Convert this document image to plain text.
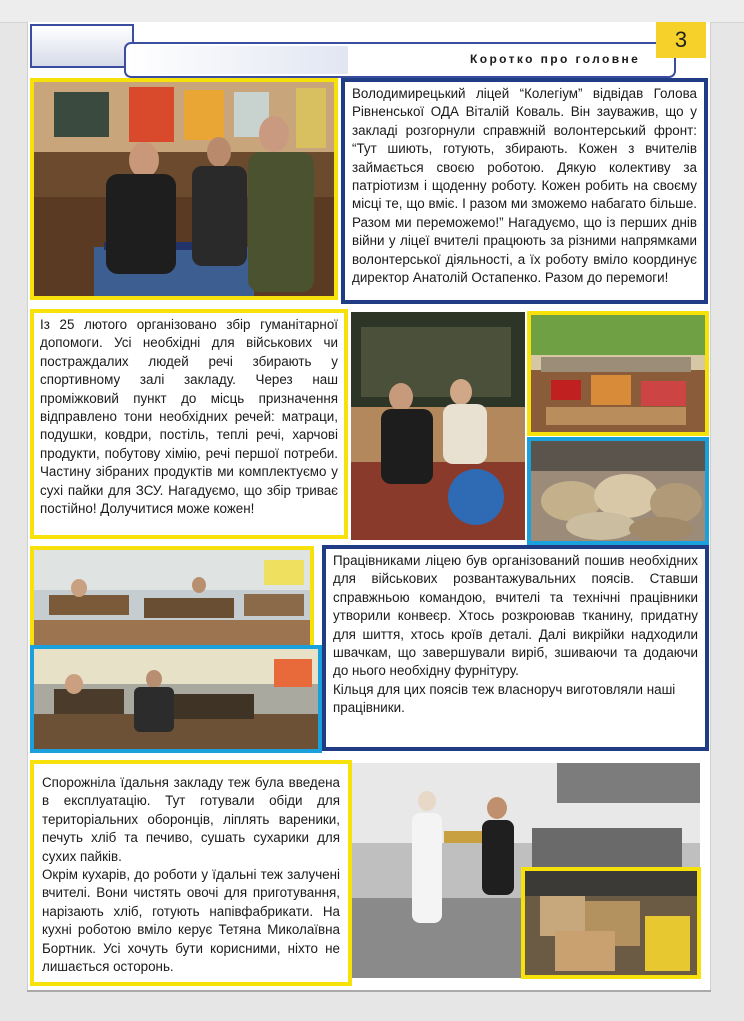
Коротко про головне
3

Володимирецький ліцей “Колегіум” відвідав Голова Рівненської ОДА Віталій Коваль. Він зауважив, що у закладі розгорнули справжній волонтерський фронт: “Тут шиють, готують, збирають. Кожен з вчителів займається своєю роботою. Дякую колективу за патріотизм і щоденну роботу. Кожен робить на своєму місці те, що вміє. І разом ми зможемо набагато більше. Разом ми переможемо!” Нагадуємо, що із перших днів війни у ліцеї вчителі працюють за різними напрямками волонтерської діяльності, а їх роботу вміло координує директор Анатолій Остапенко. Разом до перемоги!

Із 25 лютого організовано збір гуманітарної допомоги. Усі необхідні для військових чи постраждалих людей речі збирають у спортивному залі закладу. Через наш проміжковий пункт до місць призначення відправлено тони необхідних речей: матраци, подушки, ковдри, постіль, теплі речі, харчові продукти, побутову хімію, речі першої потреби. Частину зібраних продуктів ми комплектуємо у сухі пайки для ЗСУ. Нагадуємо, що збір триває постійно! Долучитися може кожен!

Працівниками ліцею був організований пошив необхідних для військових розвантажувальних поясів. Ставши справжньою командою, вчителі та технічні працівники утворили конвеєр. Хтось розкроював тканину, придатну для шиття, хтось кроїв деталі. Далі викрійки надходили швачкам, що завершували виріб, зшиваючи та додаючи до нього необхідну фурнітуру.

Кільця для цих поясів теж власноруч виготовляли наші працівники.

Спорожніла їдальня закладу теж була введена в експлуатацію. Тут готували обіди для територіальних оборонців, ліплять вареники, печуть хліб та печиво, сушать сухарики для сухих пайків.

Окрім кухарів, до роботи у їдальні теж залучені вчителі. Вони чистять овочі для приготування, нарізають хліб, готують напівфабрикати. На кухні роботою вміло керує Тетяна Миколаївна Бортник. Усі хочуть бути корисними, ніхто не лишається осторонь.
